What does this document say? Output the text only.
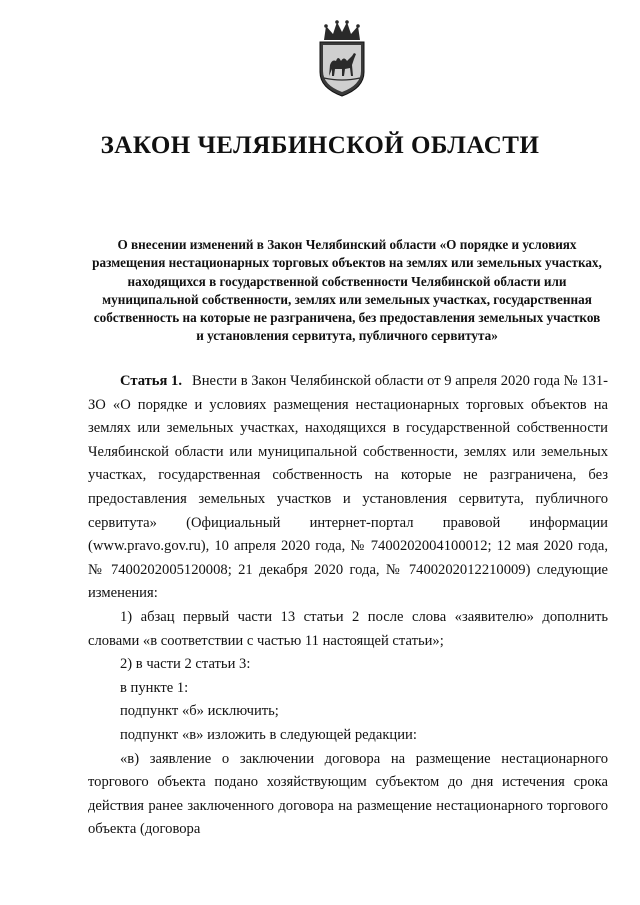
ЗАКОН ЧЕЛЯБИНСКОЙ ОБЛАСТИ
О внесении изменений в Закон Челябинский области «О порядке и условиях размещения нестационарных торговых объектов на землях или земельных участках, находящихся в государственной собственности Челябинской области или муниципальной собственности, землях или земельных участках, государственная собственность на которые не разграничена, без предоставления земельных участков и установления сервитута, публичного сервитута»

Статья 1. Внести в Закон Челябинской области от 9 апреля 2020 года № 131-ЗО «О порядке и условиях размещения нестационарных торговых объектов на землях или земельных участках, находящихся в государственной собственности Челябинской области или муниципальной собственности, землях или земельных участках, государственная собственность на которые не разграничена, без предоставления земельных участков и установления сервитута, публичного сервитута» (Официальный интернет-портал правовой информации (www.pravo.gov.ru), 10 апреля 2020 года, № 7400202004100012; 12 мая 2020 года, № 7400202005120008; 21 декабря 2020 года, № 7400202012210009) следующие изменения:

1) абзац первый части 13 статьи 2 после слова «заявителю» дополнить словами «в соответствии с частью 11 настоящей статьи»;

2) в части 2 статьи 3:

в пункте 1:

подпункт «б» исключить;

подпункт «в» изложить в следующей редакции:

«в) заявление о заключении договора на размещение нестационарного торгового объекта подано хозяйствующим субъектом до дня истечения срока действия ранее заключенного договора на размещение нестационарного торгового объекта (договора
